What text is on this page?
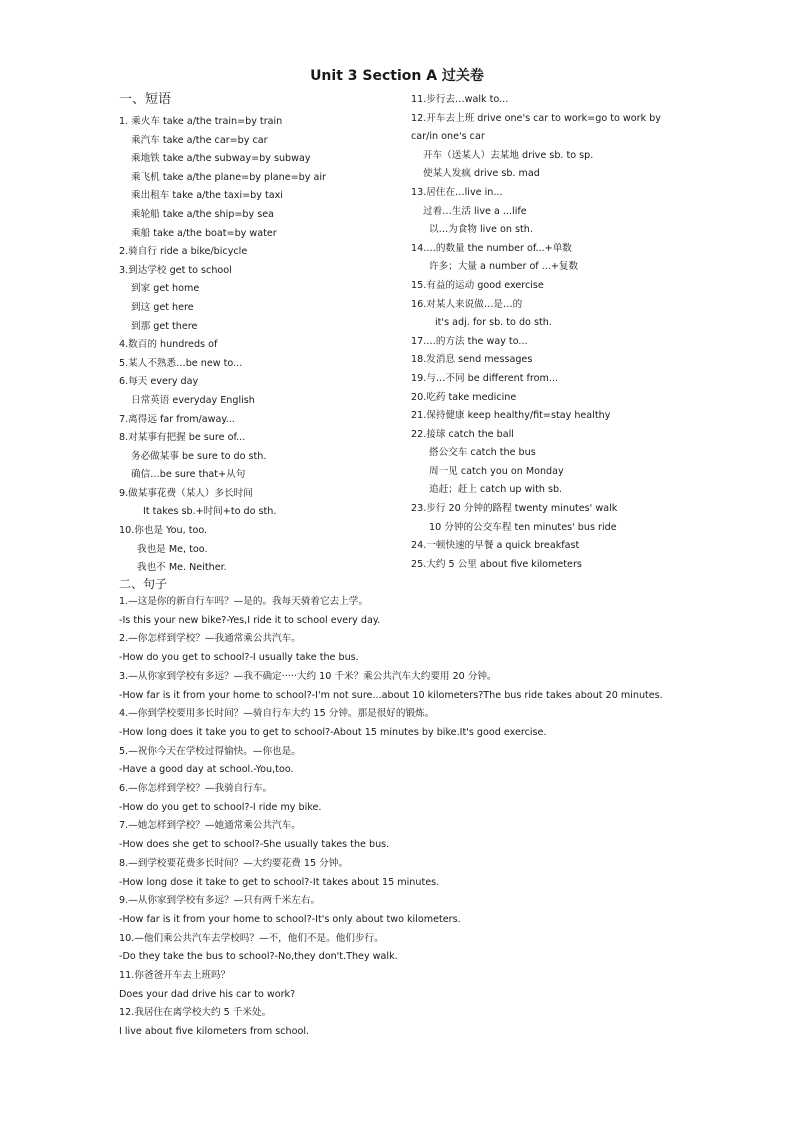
Unit 3 Section A 过关卷
一、短语
1. 乘火车 take a/the train=by train
乘汽车 take a/the car=by car
乘地铁 take a/the subway=by subway
乘飞机 take a/the plane=by plane=by air
乘出租车 take a/the taxi=by taxi
乘轮船 take a/the ship=by sea
乘船 take a/the boat=by water
2.骑自行 ride a bike/bicycle
3.到达学校 get to school
到家 get home
到这 get here
到那 get there
4.数百的 hundreds of
5.某人不熟悉…be new to...
6.每天 every day
日常英语 everyday English
7.离得远 far from/away...
8.对某事有把握 be sure of...
务必做某事 be sure to do sth.
确信…be sure that+从句
9.做某事花费（某人）多长时间
It takes sb.+时间+to do sth.
10.你也是 You, too.
我也是 Me, too.
我也不 Me. Neither.
11.步行去…walk to...
12.开车去上班 drive one's car to work=go to work by car/in one's car
开车（送某人）去某地 drive sb. to sp.
使某人发疯 drive sb. mad
13.居住在…live in...
过着…生活 live a ...life
以…为食物 live on sth.
14.…的数量 the number of...+单数
许多；大量 a number of ...+复数
15.有益的运动 good exercise
16.对某人来说做…是…的
it's adj. for sb. to do sth.
17.…的方法 the way to...
18.发消息 send messages
19.与…不同 be different from...
20.吃药 take medicine
21.保持健康 keep healthy/fit=stay healthy
22.接球 catch the ball
搭公交车 catch the bus
周一见 catch you on Monday
追赶；赶上 catch up with sb.
23.步行 20 分钟的路程 twenty minutes' walk
10 分钟的公交车程 ten minutes' bus ride
24.一顿快速的早餐 a quick breakfast
25.大约 5 公里 about five kilometers
二、句子
1.—这是你的新自行车吗？—是的。我每天骑着它去上学。
-Is this your new bike?-Yes,I ride it to school every day.
2.—你怎样到学校？—我通常乘公共汽车。
-How do you get to school?-I usually take the bus.
3.—从你家到学校有多远？—我不确定·····大约 10 千米？乘公共汽车大约要用 20 分钟。
-How far is it from your home to school?-I'm not sure...about 10 kilometers?The bus ride takes about 20 minutes.
4.—你到学校要用多长时间？—骑自行车大约 15 分钟。那是很好的锻炼。
-How long does it take you to get to school?-About 15 minutes by bike.It's good exercise.
5.—祝你今天在学校过得愉快。—你也是。
-Have a good day at school.-You,too.
6.—你怎样到学校？—我骑自行车。
-How do you get to school?-I ride my bike.
7.—她怎样到学校？—她通常乘公共汽车。
-How does she get to school?-She usually takes the bus.
8.—到学校要花费多长时间？—大约要花费 15 分钟。
-How long dose it take to get to school?-It takes about 15 minutes.
9.—从你家到学校有多远？—只有两千米左右。
-How far is it from your home to school?-It's only about two kilometers.
10.—他们乘公共汽车去学校吗？—不，他们不是。他们步行。
-Do they take the bus to school?-No,they don't.They walk.
11.你爸爸开车去上班吗？
Does your dad drive his car to work?
12.我居住在离学校大约 5 千米处。
I live about five kilometers from school.
